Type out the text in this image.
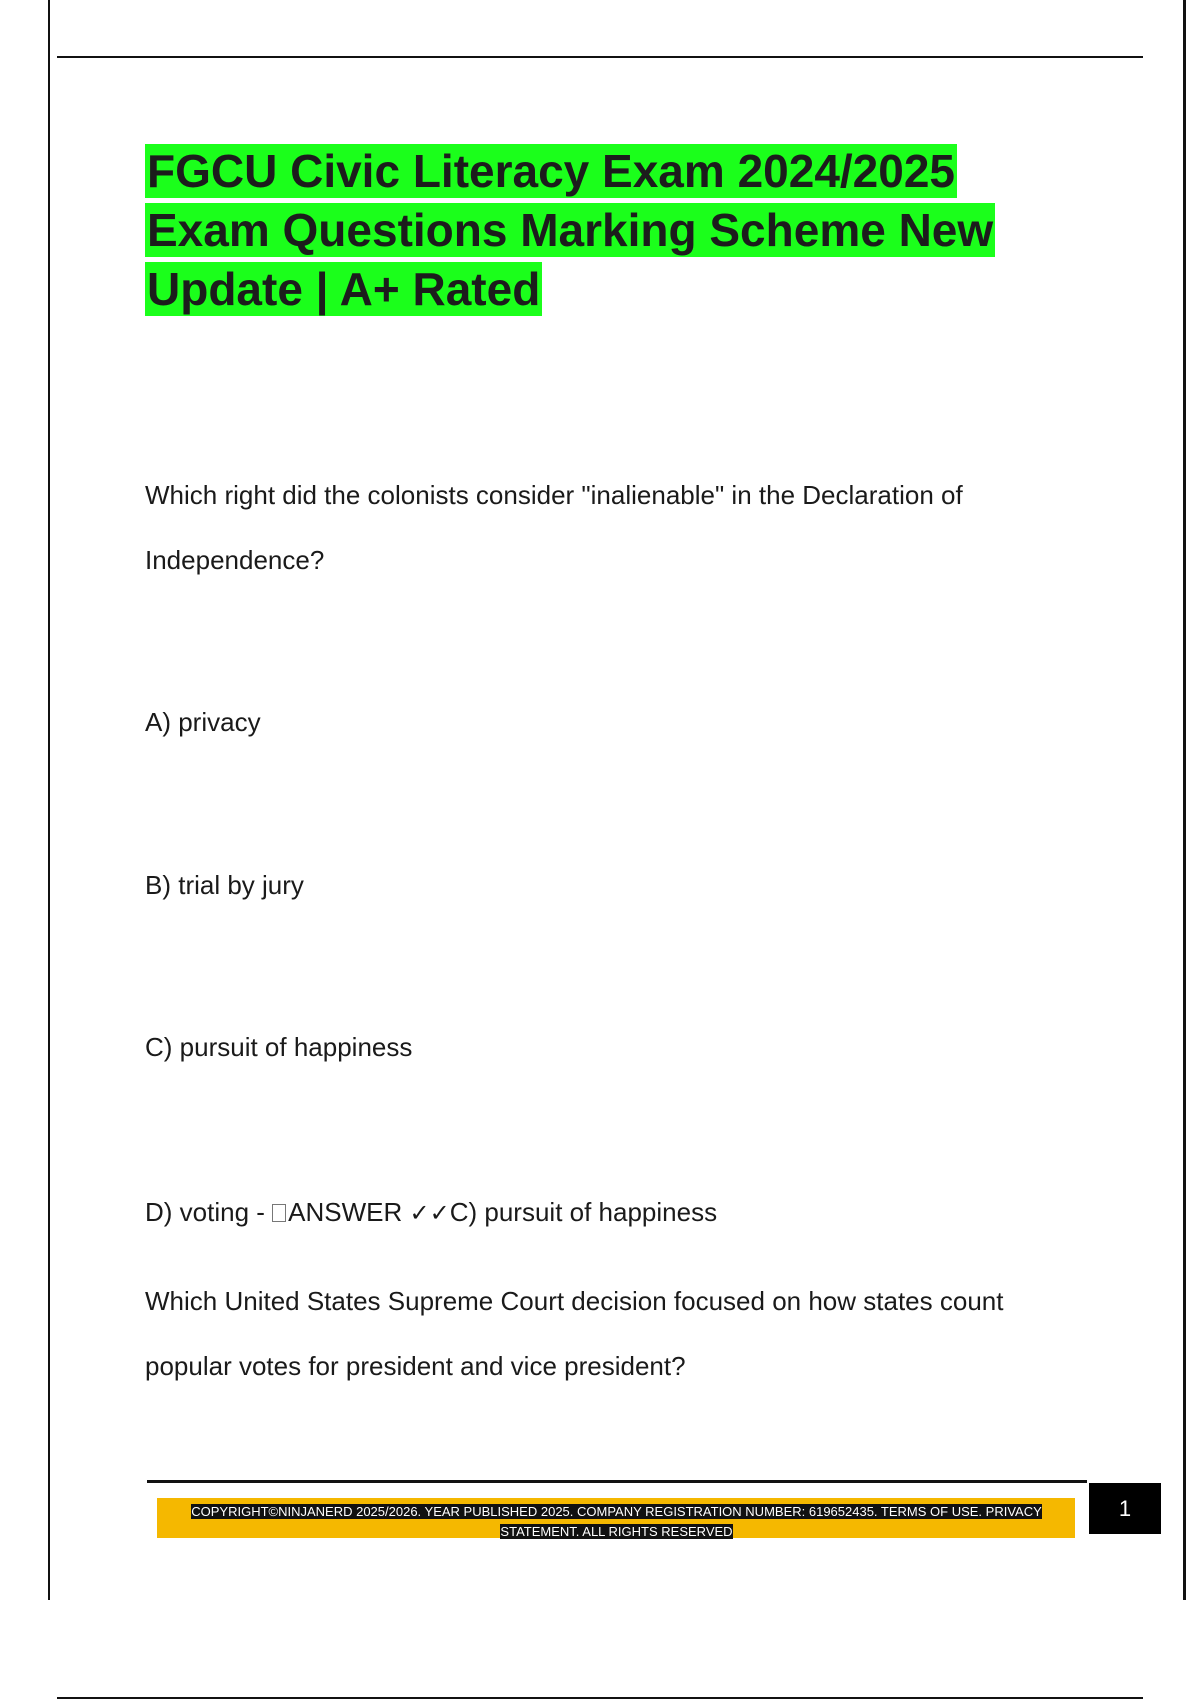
FGCU Civic Literacy Exam 2024/2025 Exam Questions Marking Scheme New Update | A+ Rated
Which right did the colonists consider "inalienable" in the Declaration of
Independence?
A) privacy
B) trial by jury
C) pursuit of happiness
D) voting - ANSWER ✓✓C) pursuit of happiness
Which United States Supreme Court decision focused on how states count
popular votes for president and vice president?

COPYRIGHT©NINJANERD 2025/2026. YEAR PUBLISHED 2025. COMPANY REGISTRATION NUMBER: 619652435. TERMS OF USE. PRIVACY STATEMENT. ALL RIGHTS RESERVED

1
